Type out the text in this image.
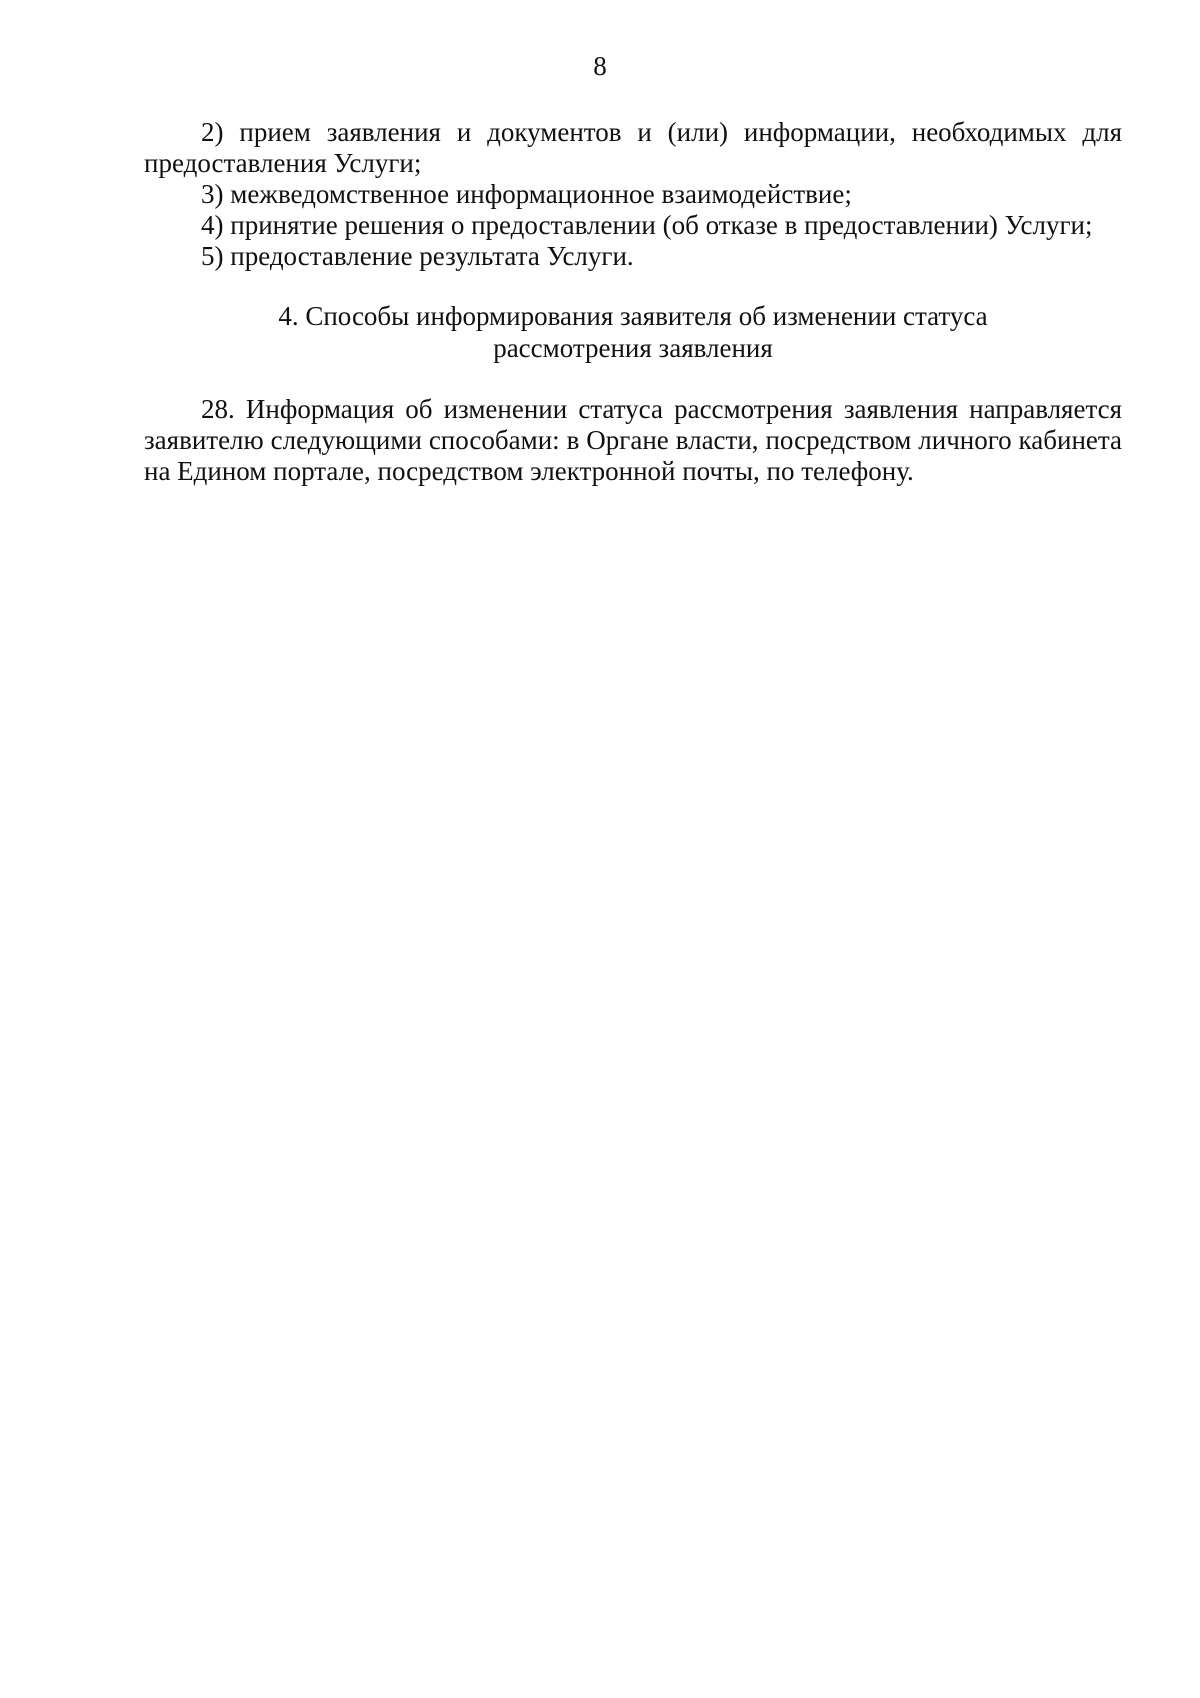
8

2) прием заявления и документов и (или) информации, необходимых для предоставления Услуги;

3) межведомственное информационное взаимодействие;

4) принятие решения о предоставлении (об отказе в предоставлении) Услуги;

5) предоставление результата Услуги.

4. Способы информирования заявителя об изменении статуса
рассмотрения заявления

28. Информация об изменении статуса рассмотрения заявления направляется заявителю следующими способами: в Органе власти, посредством личного кабинета на Едином портале, посредством электронной почты, по телефону.
